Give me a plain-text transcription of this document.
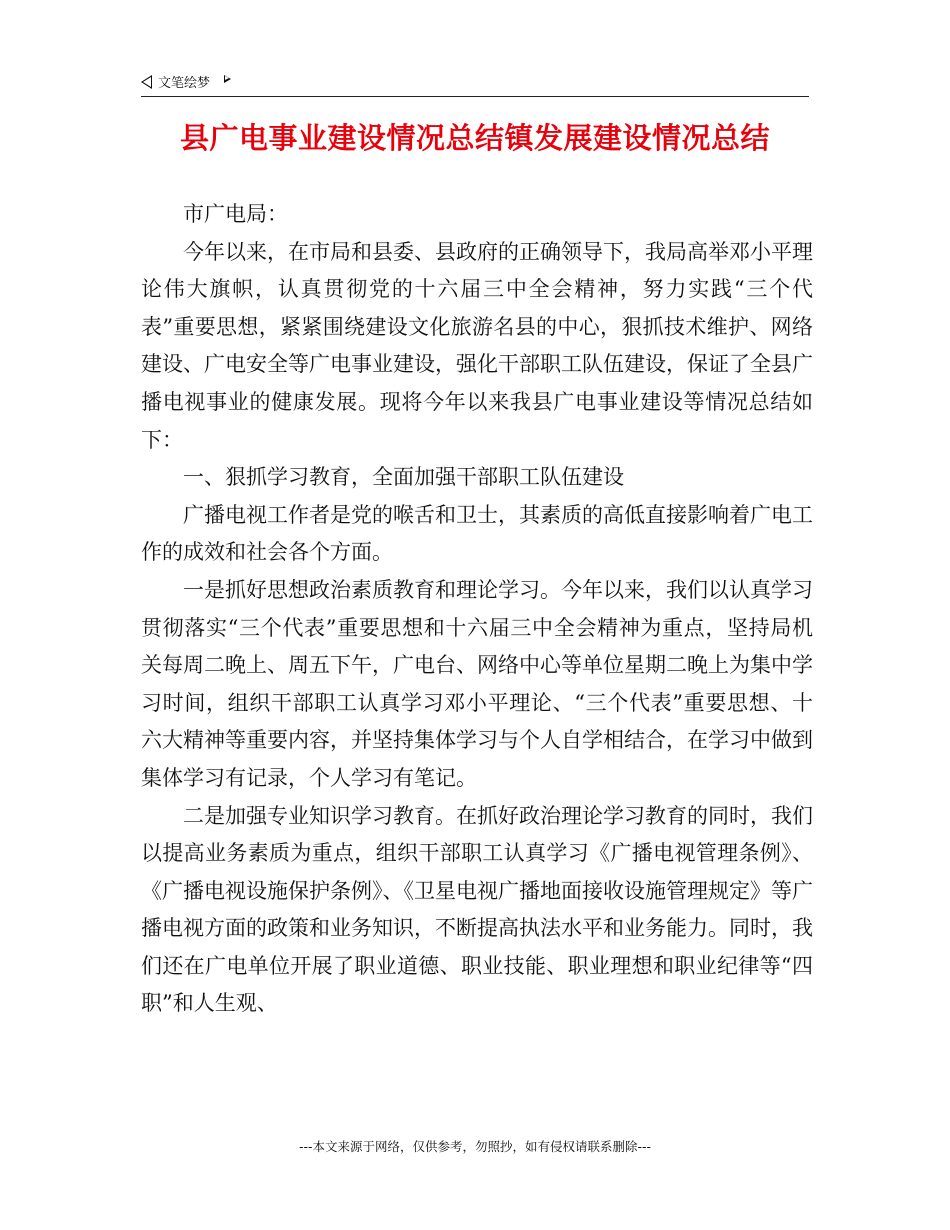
文笔绘梦
县广电事业建设情况总结镇发展建设情况总结

市广电局：

今年以来，在市局和县委、县政府的正确领导下，我局高举邓小平理论伟大旗帜，认真贯彻党的十六届三中全会精神，努力实践“三个代表”重要思想，紧紧围绕建设文化旅游名县的中心，狠抓技术维护、网络建设、广电安全等广电事业建设，强化干部职工队伍建设，保证了全县广播电视事业的健康发展。现将今年以来我县广电事业建设等情况总结如下：

一、狠抓学习教育，全面加强干部职工队伍建设

广播电视工作者是党的喉舌和卫士，其素质的高低直接影响着广电工作的成效和社会各个方面。

一是抓好思想政治素质教育和理论学习。今年以来，我们以认真学习贯彻落实“三个代表”重要思想和十六届三中全会精神为重点，坚持局机关每周二晚上、周五下午，广电台、网络中心等单位星期二晚上为集中学习时间，组织干部职工认真学习邓小平理论、“三个代表”重要思想、十六大精神等重要内容，并坚持集体学习与个人自学相结合，在学习中做到集体学习有记录，个人学习有笔记。

二是加强专业知识学习教育。在抓好政治理论学习教育的同时，我们以提高业务素质为重点，组织干部职工认真学习《广播电视管理条例》、《广播电视设施保护条例》、《卫星电视广播地面接收设施管理规定》等广播电视方面的政策和业务知识，不断提高执法水平和业务能力。同时，我们还在广电单位开展了职业道德、职业技能、职业理想和职业纪律等“四职”和人生观、

---本文来源于网络，仅供参考，勿照抄，如有侵权请联系删除---
